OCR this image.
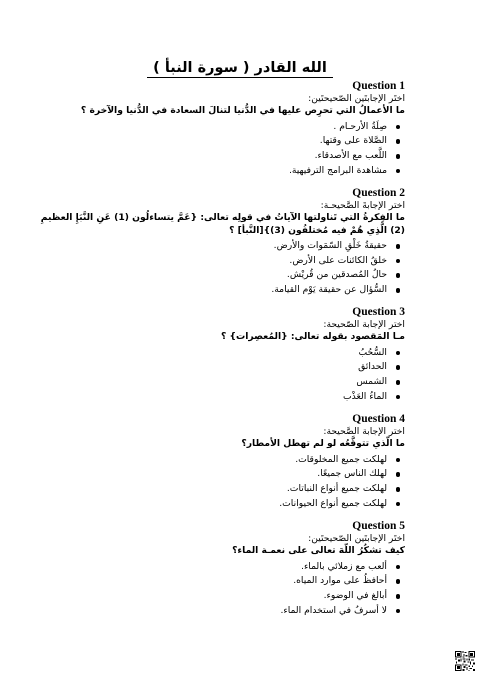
الله القادر ( سورة النبأ )
Question 1
اختَر الإجابتَين الصّحيحتَين:
ما الأعمالُ التي تحرِص عليها في الدُّنيا لتنالَ السعادة في الدُّنيا والآخرة ؟
صِلَةُ الأرحـام .
الصَّلاة على وقتها.
اللَّعب مع الأصدقاء.
مشاهدة البرامج الترفيهية.
Question 2
اختر الإجابةَ الصَّحيحـة:
ما الفِكرةُ التي تَناولتها الآياتُ في قولِه تعالى: {عَمَّ يتساءلُون (1) عَنِ النَّبَإِ العظيمِ (2) الَّذِي هُمْ فيه مُختلفُون (3)}[النَّبأ] ؟
حقيقةُ خَلْقِ السّمَوات والأرض.
خلقُ الكائنات على الأرض.
حالُ المُصدقين من قُريْش.
السُّؤال عن حقيقة يَوْم القيامة.
Question 3
اختر الإجابة الصّحيحة:
مـا المَقصود بقوله تعالى: {المُعصِرات} ؟
السُّحُبُ
الحدائق
الشمس
الماءُ العَذْب
Question 4
اختر الإجابة الصَّحيحة:
ما الّذي تتوقَّعُه لو لم تهطل الأمطار؟
لهلكت جميع المخلوقات.
لهلك الناس جميعًا.
لهلكت جميع أنواع النباتات.
لهلكت جميع أنواع الحيوانات.
Question 5
اختَر الإجابتَين الصّحيحتَين:
كيف تشكُرُ اللّهَ تعالى على نعمـة الماء؟
ألعب مع زملائي بالماء.
أحافظُ على موارد المياه.
أبالغ في الوضوء.
لا أسرفُ في استخدام الماء.
